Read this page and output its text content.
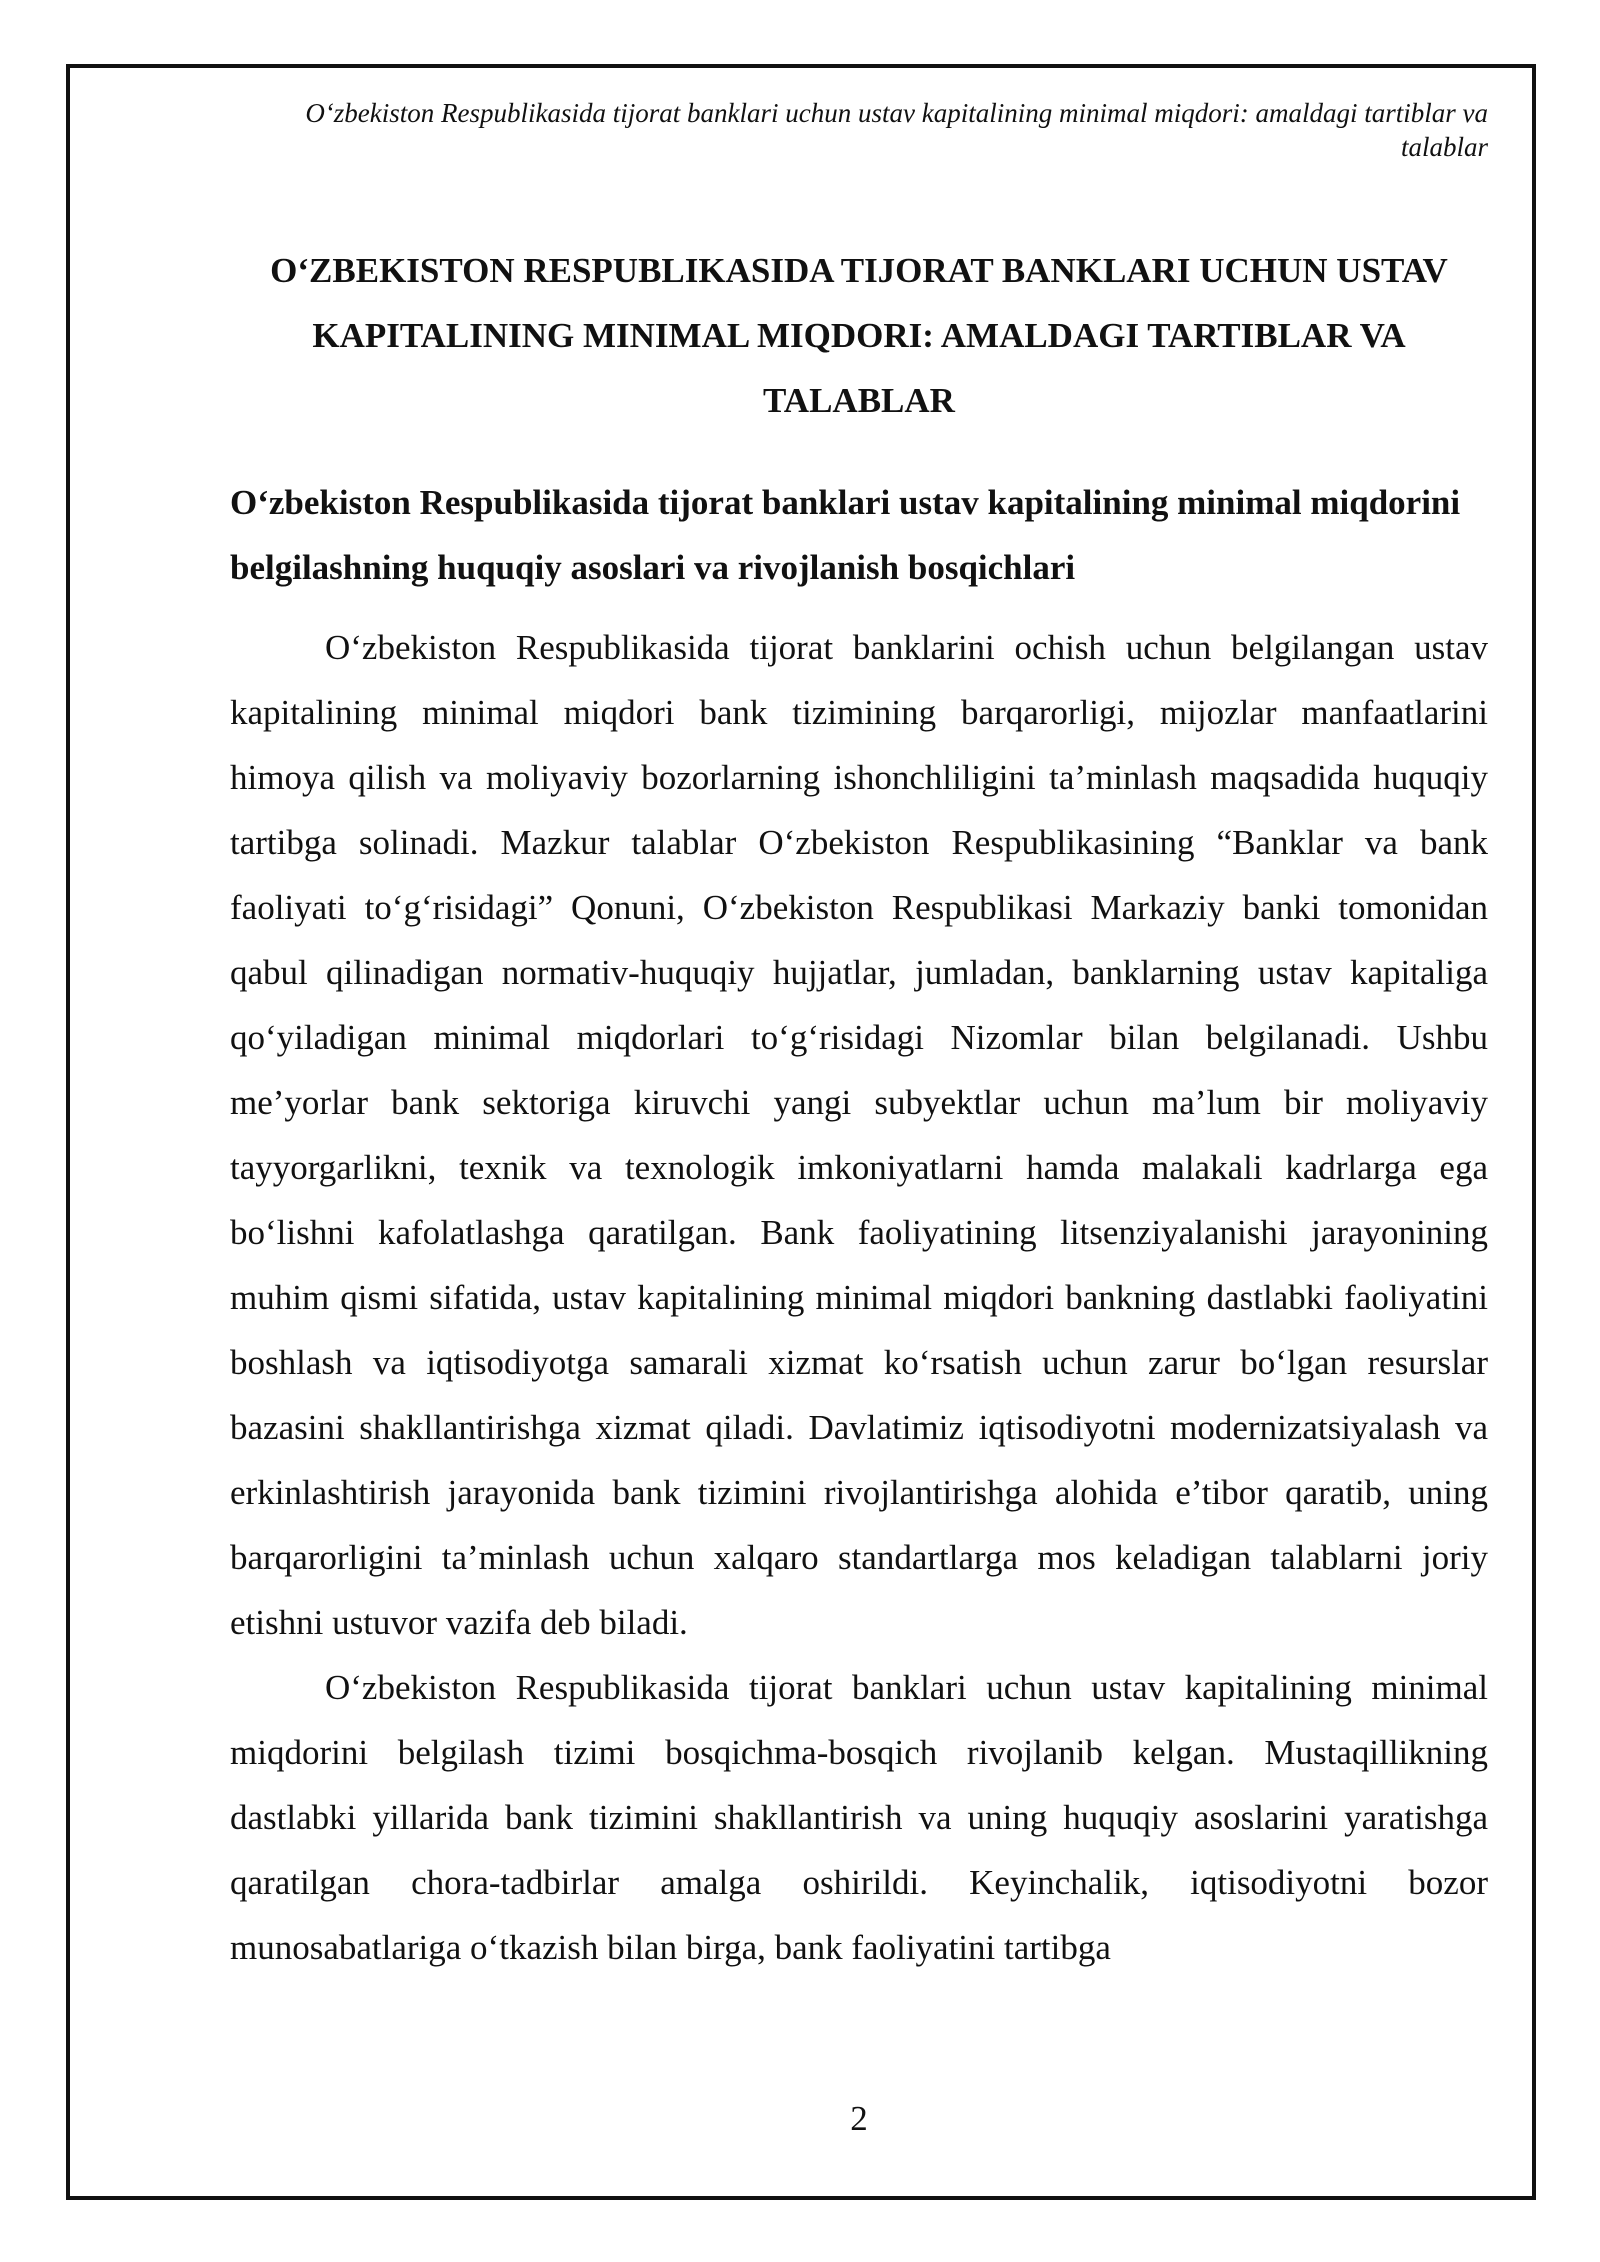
O‘zbekiston Respublikasida tijorat banklari uchun ustav kapitalining minimal miqdori: amaldagi tartiblar va talablar
O‘ZBEKISTON RESPUBLIKASIDA TIJORAT BANKLARI UCHUN USTAV KAPITALINING MINIMAL MIQDORI: AMALDAGI TARTIBLAR VA TALABLAR
O‘zbekiston Respublikasida tijorat banklari ustav kapitalining minimal miqdorini belgilashning huquqiy asoslari va rivojlanish bosqichlari

O‘zbekiston Respublikasida tijorat banklarini ochish uchun belgilangan ustav kapitalining minimal miqdori bank tizimining barqarorligi, mijozlar manfaatlarini himoya qilish va moliyaviy bozorlarning ishonchliligini ta’minlash maqsadida huquqiy tartibga solinadi. Mazkur talablar O‘zbekiston Respublikasining “Banklar va bank faoliyati to‘g‘risidagi” Qonuni, O‘zbekiston Respublikasi Markaziy banki tomonidan qabul qilinadigan normativ-huquqiy hujjatlar, jumladan, banklarning ustav kapitaliga qo‘yiladigan minimal miqdorlari to‘g‘risidagi Nizomlar bilan belgilanadi. Ushbu me’yorlar bank sektoriga kiruvchi yangi subyektlar uchun ma’lum bir moliyaviy tayyorgarlikni, texnik va texnologik imkoniyatlarni hamda malakali kadrlarga ega bo‘lishni kafolatlashga qaratilgan. Bank faoliyatining litsenziyalanishi jarayonining muhim qismi sifatida, ustav kapitalining minimal miqdori bankning dastlabki faoliyatini boshlash va iqtisodiyotga samarali xizmat ko‘rsatish uchun zarur bo‘lgan resurslar bazasini shakllantirishga xizmat qiladi. Davlatimiz iqtisodiyotni modernizatsiyalash va erkinlashtirish jarayonida bank tizimini rivojlantirishga alohida e’tibor qaratib, uning barqarorligini ta’minlash uchun xalqaro standartlarga mos keladigan talablarni joriy etishni ustuvor vazifa deb biladi.

O‘zbekiston Respublikasida tijorat banklari uchun ustav kapitalining minimal miqdorini belgilash tizimi bosqichma-bosqich rivojlanib kelgan. Mustaqillikning dastlabki yillarida bank tizimini shakllantirish va uning huquqiy asoslarini yaratishga qaratilgan chora-tadbirlar amalga oshirildi. Keyinchalik, iqtisodiyotni bozor munosabatlariga o‘tkazish bilan birga, bank faoliyatini tartibga

2
